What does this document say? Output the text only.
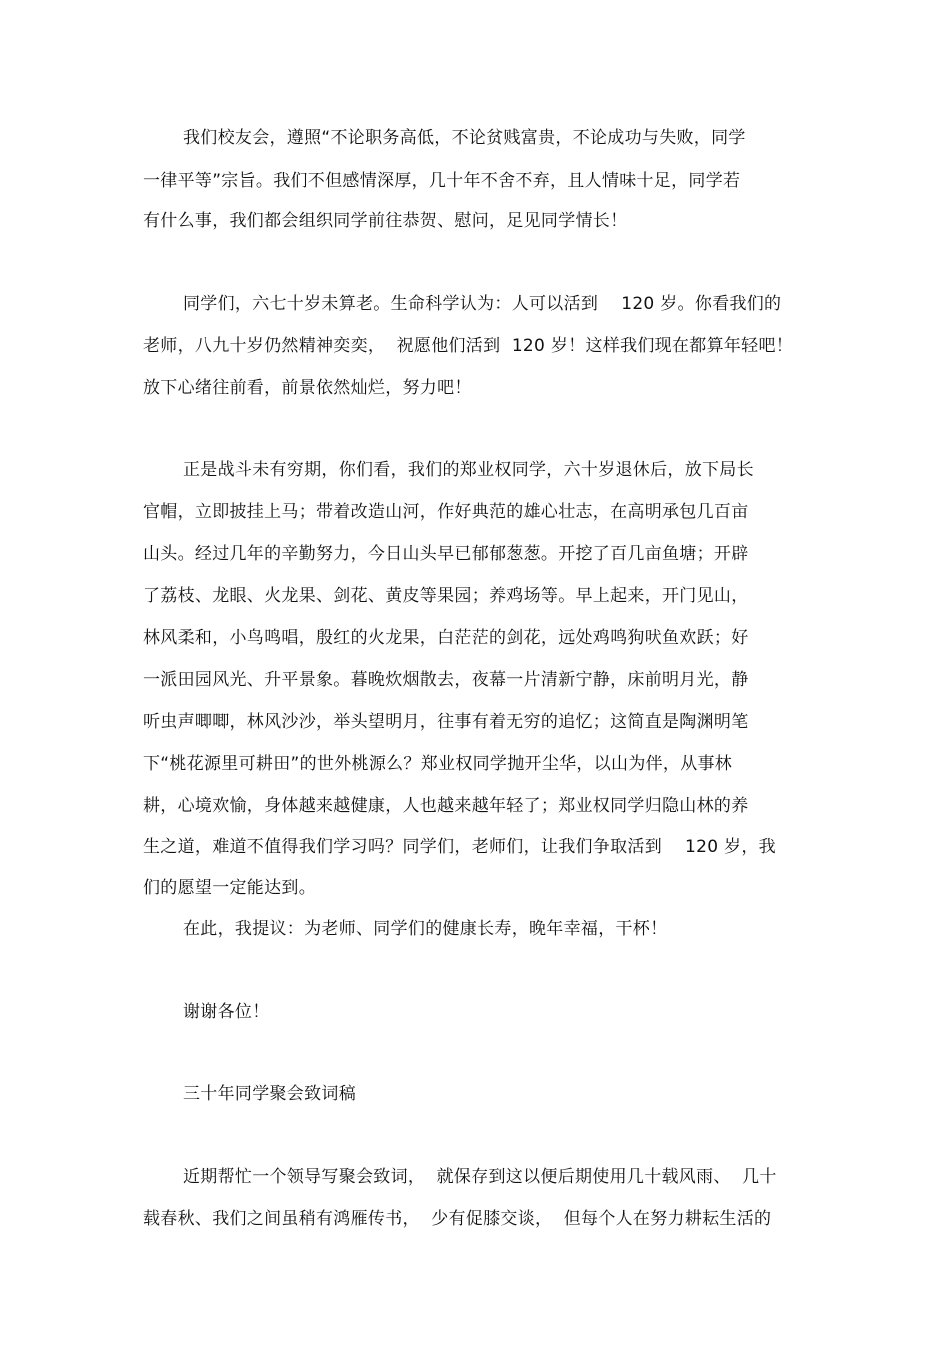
我们校友会，遵照“不论职务高低，不论贫贱富贵，不论成功与失败，同学
一律平等”宗旨。我们不但感情深厚，几十年不舍不弃，且人情味十足，同学若
有什么事，我们都会组织同学前往恭贺、慰问，足见同学情长！
同学们，六七十岁未算老。生命科学认为：人可以活到　 120 岁。你看我们的
老师，八九十岁仍然精神奕奕，  祝愿他们活到  120 岁！这样我们现在都算年轻吧！
放下心绪往前看，前景依然灿烂，努力吧！
正是战斗未有穷期，你们看，我们的郑业权同学，六十岁退休后，放下局长
官帽，立即披挂上马；带着改造山河，作好典范的雄心壮志，在高明承包几百亩
山头。经过几年的辛勤努力，今日山头早已郁郁葱葱。开挖了百几亩鱼塘；开辟
了荔枝、龙眼、火龙果、剑花、黄皮等果园；养鸡场等。早上起来，开门见山，
林风柔和，小鸟鸣唱，殷红的火龙果，白茫茫的剑花，远处鸡鸣狗吠鱼欢跃；好
一派田园风光、升平景象。暮晚炊烟散去，夜幕一片清新宁静，床前明月光，静
听虫声唧唧，林风沙沙，举头望明月，往事有着无穷的追忆；这简直是陶渊明笔
下“桃花源里可耕田”的世外桃源么？郑业权同学抛开尘华，以山为伴，从事林
耕，心境欢愉，身体越来越健康，人也越来越年轻了；郑业权同学归隐山林的养
生之道，难道不值得我们学习吗？同学们，老师们，让我们争取活到　 120 岁，我
们的愿望一定能达到。
在此，我提议：为老师、同学们的健康长寿，晚年幸福，干杯！
谢谢各位！
三十年同学聚会致词稿
近期帮忙一个领导写聚会致词，  就保存到这以便后期使用几十载风雨、  几十
载春秋、我们之间虽稍有鸿雁传书，  少有促膝交谈，  但每个人在努力耕耘生活的
